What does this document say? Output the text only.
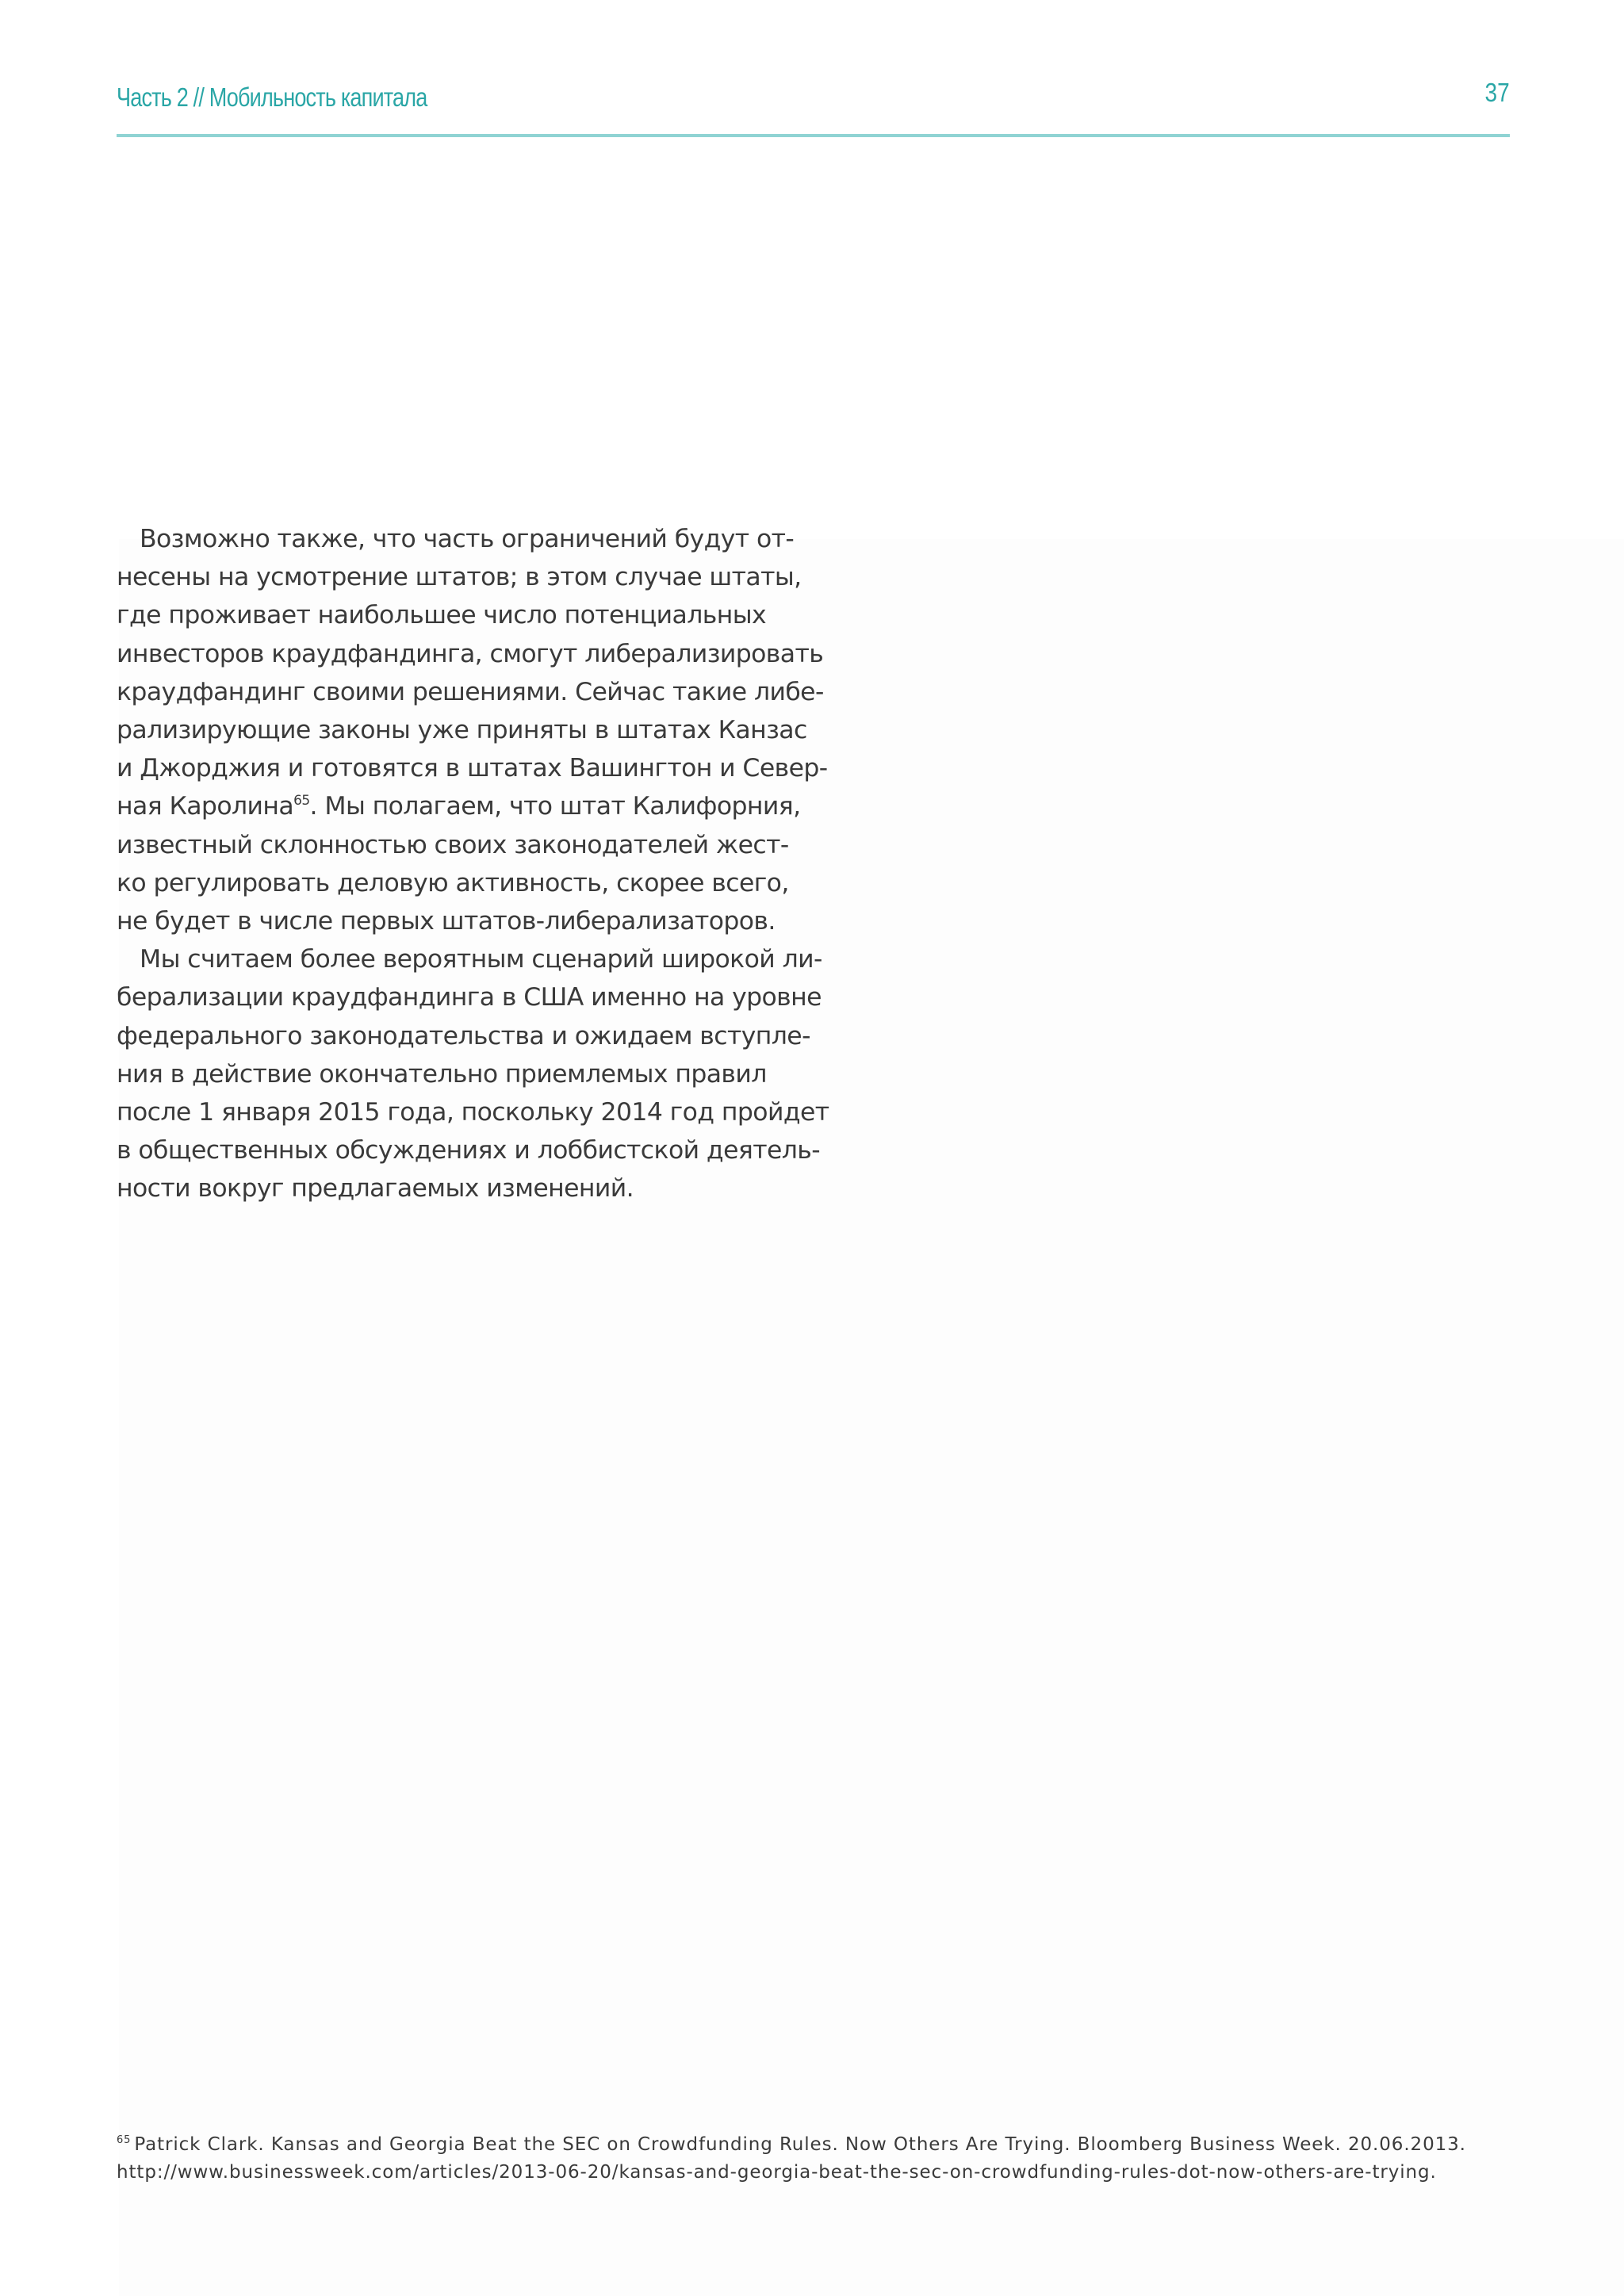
Часть 2 // Мобильность капитала	37

Возможно также, что часть ограничений будут от-
несены на усмотрение штатов; в этом случае штаты,
где проживает наибольшее число потенциальных
инвесторов краудфандинга, смогут либерализировать
краудфандинг своими решениями. Сейчас такие либе-
рализирующие законы уже приняты в штатах Канзас
и Джорджия и готовятся в штатах Вашингтон и Север-
ная Каролина$^{65}$. Мы полагаем, что штат Калифорния,
известный склонностью своих законодателей жест-
ко регулировать деловую активность, скорее всего,
не будет в числе первых штатов-либерализаторов.

Мы считаем более вероятным сценарий широкой ли-
берализации краудфандинга в США именно на уровне
федерального законодательства и ожидаем вступле-
ния в действие окончательно приемлемых правил
после 1 января 2015 года, поскольку 2014 год пройдет
в общественных обсуждениях и лоббистской деятель-
ности вокруг предлагаемых изменений.

$^{65}$ Patrick Clark. Kansas and Georgia Beat the SEC on Crowdfunding Rules. Now Others Are Trying. Bloomberg Business Week. 20.06.2013.
http://www.businessweek.com/articles/2013-06-20/kansas-and-georgia-beat-the-sec-on-crowdfunding-rules-dot-now-others-are-trying.
